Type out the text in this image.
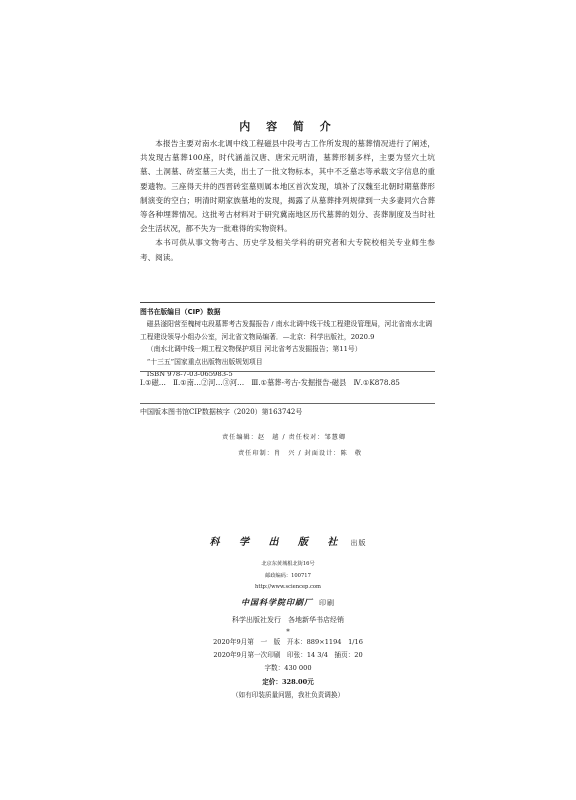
内 容 简 介

本报告主要对南水北调中线工程磁县中段考古工作所发现的墓葬情况进行了阐述，共发现古墓葬100座，时代涵盖汉唐、唐宋元明清，墓葬形制多样，主要为竖穴土坑墓、土洞墓、砖室墓三大类，出土了一批文物标本，其中不乏墓志等承载文字信息的重要遗物。三座得天井的西晋砖室墓则属本地区首次发现，填补了汉魏至北朝时期墓葬形制演变的空白；明清时期家族墓地的发现，揭露了从墓葬排列规律到一夫多妻同穴合葬等各种埋葬情况。这批考古材料对于研究冀南地区历代墓葬的划分、丧葬制度及当时社会生活状况，都不失为一批难得的实物资料。

本书可供从事文物考古、历史学及相关学科的研究者和大专院校相关专业师生参考、阅读。

图书在版编目（CIP）数据
磁县滏阳营至槐树屯段墓葬考古发掘报告 / 南水北调中线干线工程建设管理局，河北省南水北调工程建设领导小组办公室，河北省文物局编著．—北京：科学出版社，2020.9
（南水北调中线一期工程文物保护项目 河北省考古发掘报告；第11号）
“十三五”国家重点出版物出版规划项目
ISBN 978-7-03-065983-5
Ⅰ.①磁…　Ⅱ.①南…②河…③河…　Ⅲ.①墓葬-考古-发掘报告-磁县　Ⅳ.①K878.85
中国版本图书馆CIP数据核字（2020）第163742号
责任编辑：赵　越 / 责任校对：邹慧卿
责任印制：肖　兴 / 封面设计：陈　敬
科 学 出 版 社 出版
北京东黄城根北街16号
邮政编码：100717
http://www.sciencep.com
中国科学院印刷厂 印刷
科学出版社发行　各地新华书店经销
*
2020年9月第　一　版　开本：889×1194　1/16
2020年9月第一次印刷　印张：14 3/4　插页：20
字数：430 000
定价：328.00元
（如有印装质量问题，我社负责调换）
